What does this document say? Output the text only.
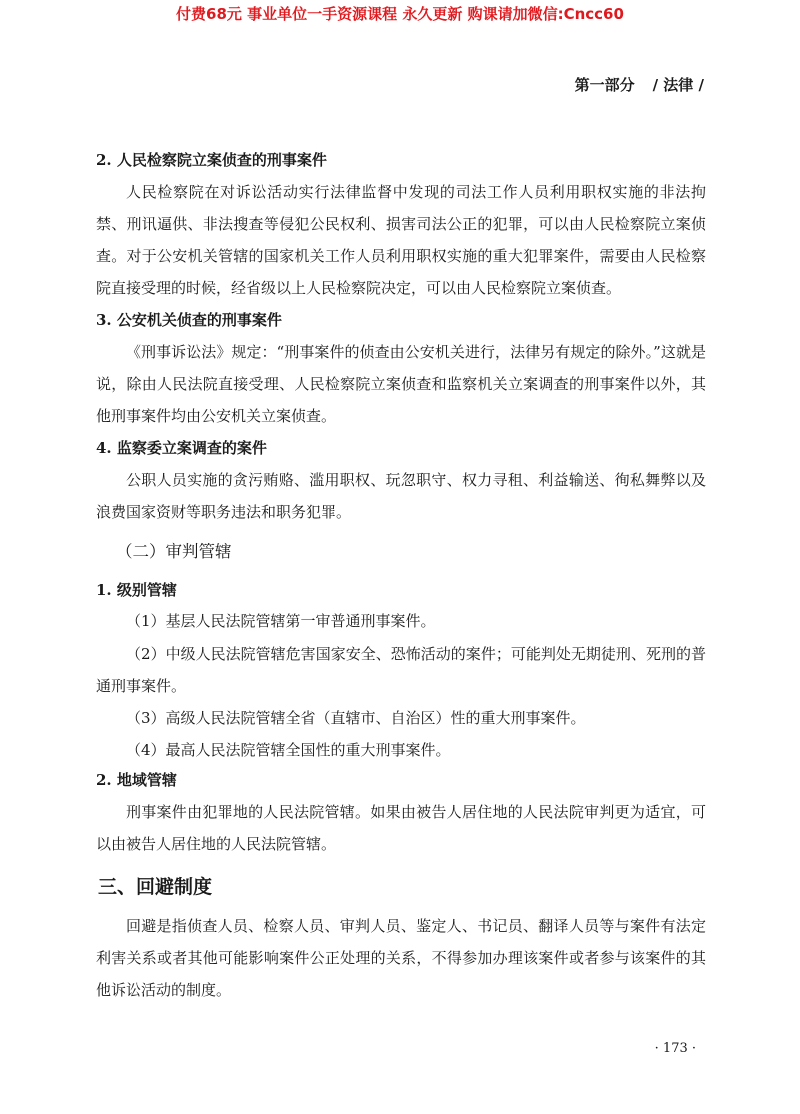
付费68元 事业单位一手资源课程 永久更新 购课请加微信:Cncc60
第一部分 / 法律 /
2. 人民检察院立案侦查的刑事案件
人民检察院在对诉讼活动实行法律监督中发现的司法工作人员利用职权实施的非法拘禁、刑讯逼供、非法搜查等侵犯公民权利、损害司法公正的犯罪，可以由人民检察院立案侦查。对于公安机关管辖的国家机关工作人员利用职权实施的重大犯罪案件，需要由人民检察院直接受理的时候，经省级以上人民检察院决定，可以由人民检察院立案侦查。
3. 公安机关侦查的刑事案件
《刑事诉讼法》规定：“刑事案件的侦查由公安机关进行，法律另有规定的除外。”这就是说，除由人民法院直接受理、人民检察院立案侦查和监察机关立案调查的刑事案件以外，其他刑事案件均由公安机关立案侦查。
4. 监察委立案调查的案件
公职人员实施的贪污贿赂、滥用职权、玩忽职守、权力寻租、利益输送、徇私舞弊以及浪费国家资财等职务违法和职务犯罪。
（二）审判管辖
1. 级别管辖
（1）基层人民法院管辖第一审普通刑事案件。
（2）中级人民法院管辖危害国家安全、恐怖活动的案件；可能判处无期徒刑、死刑的普通刑事案件。
（3）高级人民法院管辖全省（直辖市、自治区）性的重大刑事案件。
（4）最高人民法院管辖全国性的重大刑事案件。
2. 地域管辖
刑事案件由犯罪地的人民法院管辖。如果由被告人居住地的人民法院审判更为适宜，可以由被告人居住地的人民法院管辖。
三、回避制度
回避是指侦查人员、检察人员、审判人员、鉴定人、书记员、翻译人员等与案件有法定利害关系或者其他可能影响案件公正处理的关系，不得参加办理该案件或者参与该案件的其他诉讼活动的制度。
· 173 ·
